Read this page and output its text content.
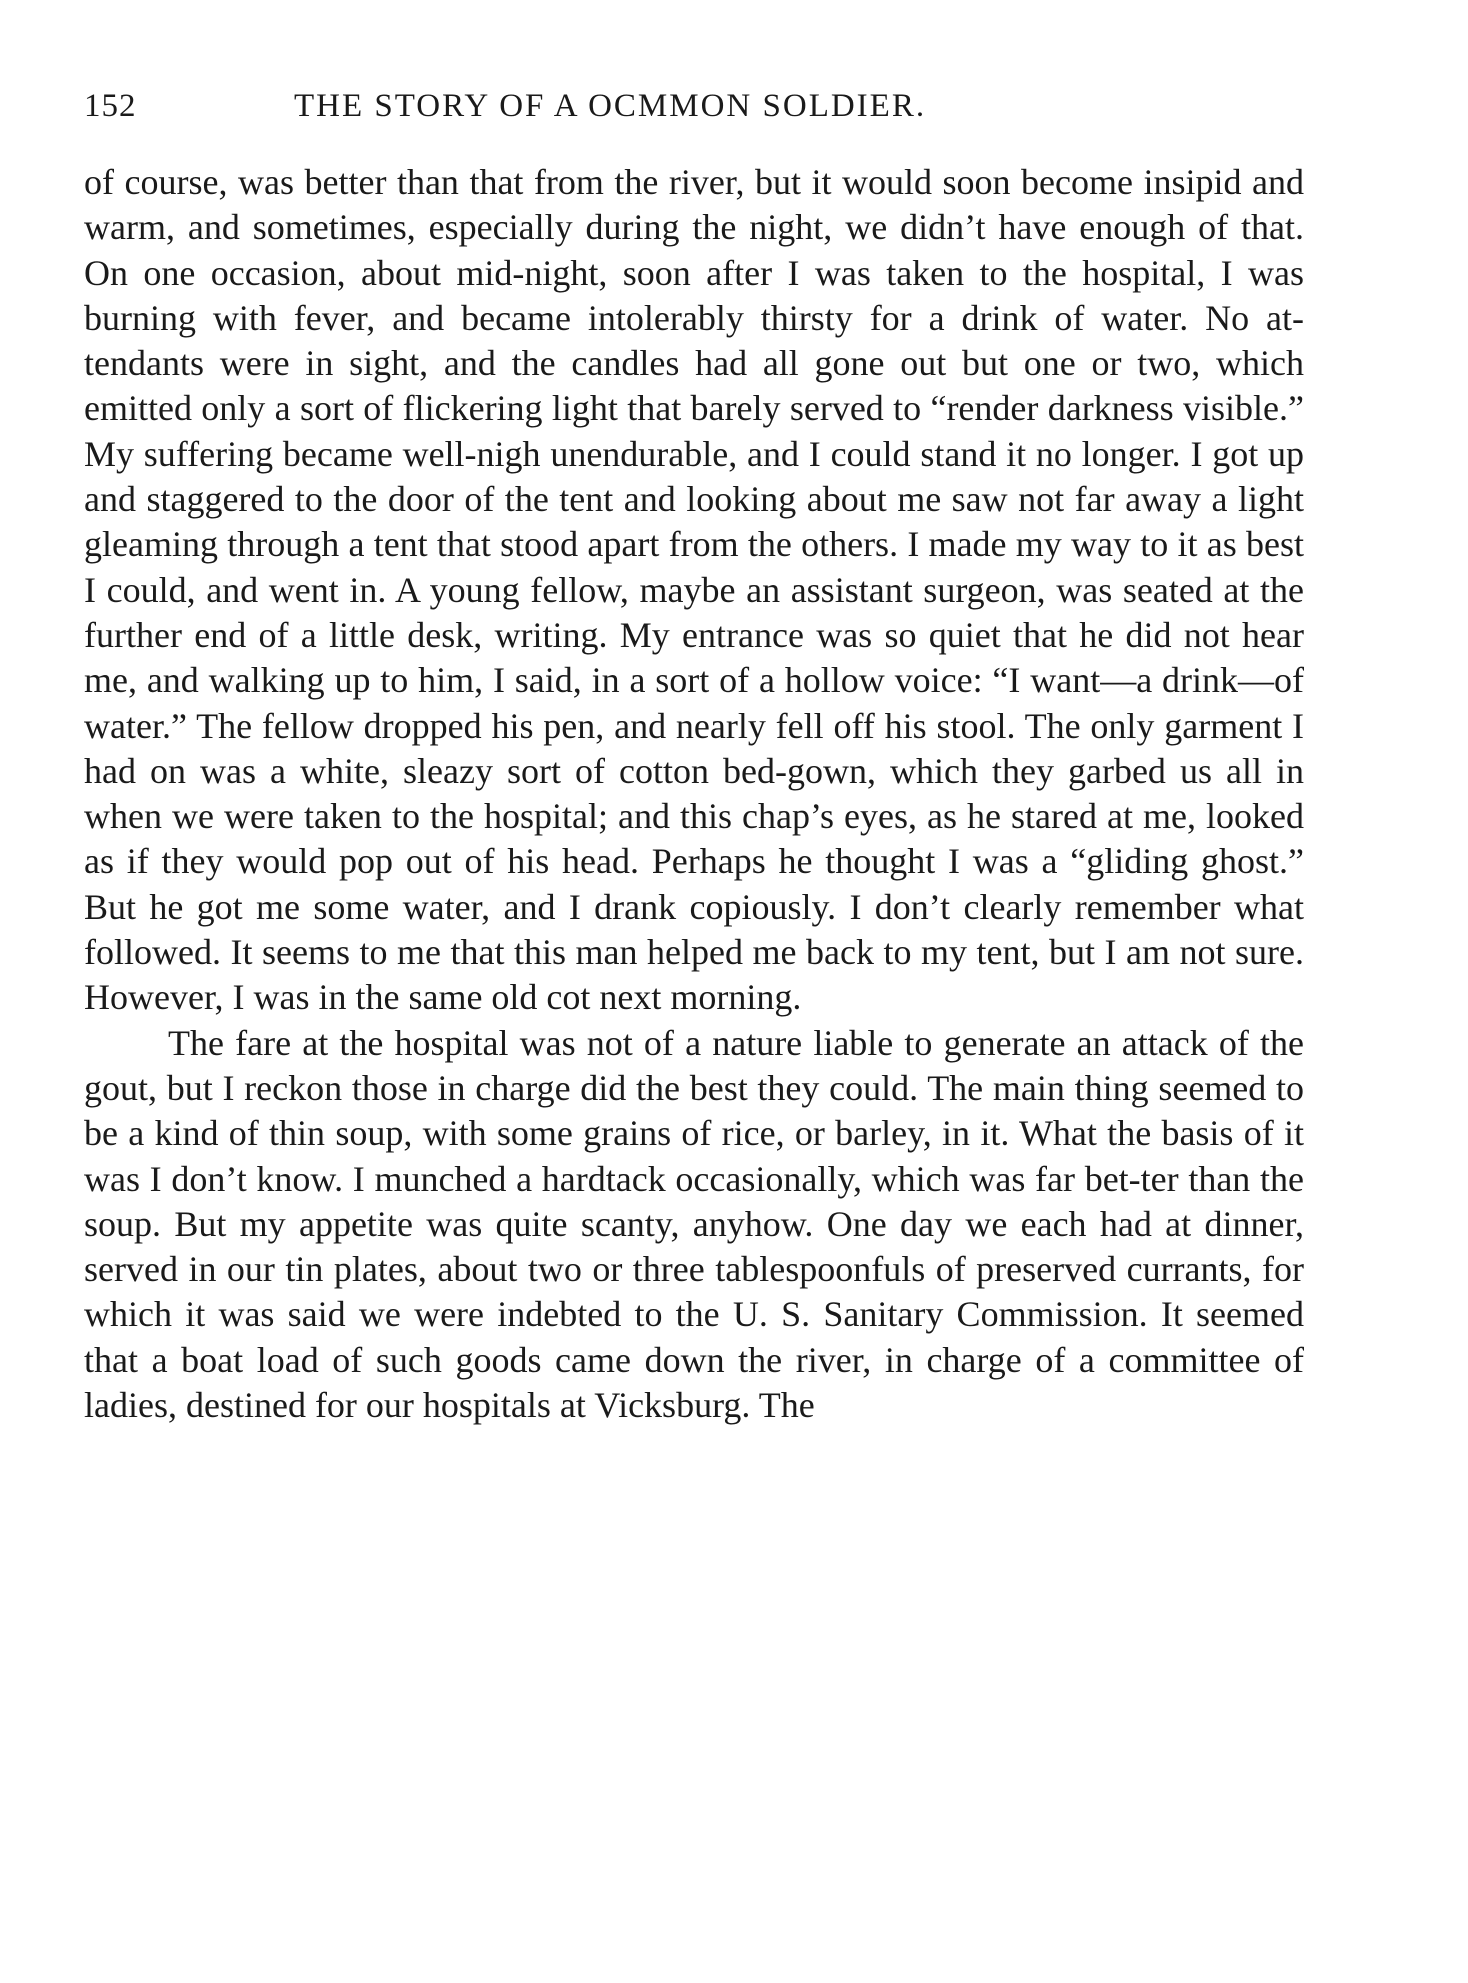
152	THE STORY OF A OCMMON SOLDIER.

of course, was better than that from the river, but it would soon become insipid and warm, and sometimes, especially during the night, we didn’t have enough of that. On one occasion, about mid-night, soon after I was taken to the hospital, I was burning with fever, and became intolerably thirsty for a drink of water. No at-tendants were in sight, and the candles had all gone out but one or two, which emitted only a sort of flickering light that barely served to “render darkness visible.” My suffering became well-nigh unendurable, and I could stand it no longer. I got up and staggered to the door of the tent and looking about me saw not far away a light gleaming through a tent that stood apart from the others. I made my way to it as best I could, and went in. A young fellow, maybe an assistant surgeon, was seated at the further end of a little desk, writing. My entrance was so quiet that he did not hear me, and walking up to him, I said, in a sort of a hollow voice: “I want—a drink—of water.” The fellow dropped his pen, and nearly fell off his stool. The only garment I had on was a white, sleazy sort of cotton bed-gown, which they garbed us all in when we were taken to the hospital; and this chap’s eyes, as he stared at me, looked as if they would pop out of his head. Perhaps he thought I was a “gliding ghost.” But he got me some water, and I drank copiously. I don’t clearly remember what followed. It seems to me that this man helped me back to my tent, but I am not sure. However, I was in the same old cot next morning.

The fare at the hospital was not of a nature liable to generate an attack of the gout, but I reckon those in charge did the best they could. The main thing seemed to be a kind of thin soup, with some grains of rice, or barley, in it. What the basis of it was I don’t know. I munched a hardtack occasionally, which was far bet-ter than the soup. But my appetite was quite scanty, anyhow. One day we each had at dinner, served in our tin plates, about two or three tablespoonfuls of preserved currants, for which it was said we were indebted to the U. S. Sanitary Commission. It seemed that a boat load of such goods came down the river, in charge of a committee of ladies, destined for our hospitals at Vicksburg. The
